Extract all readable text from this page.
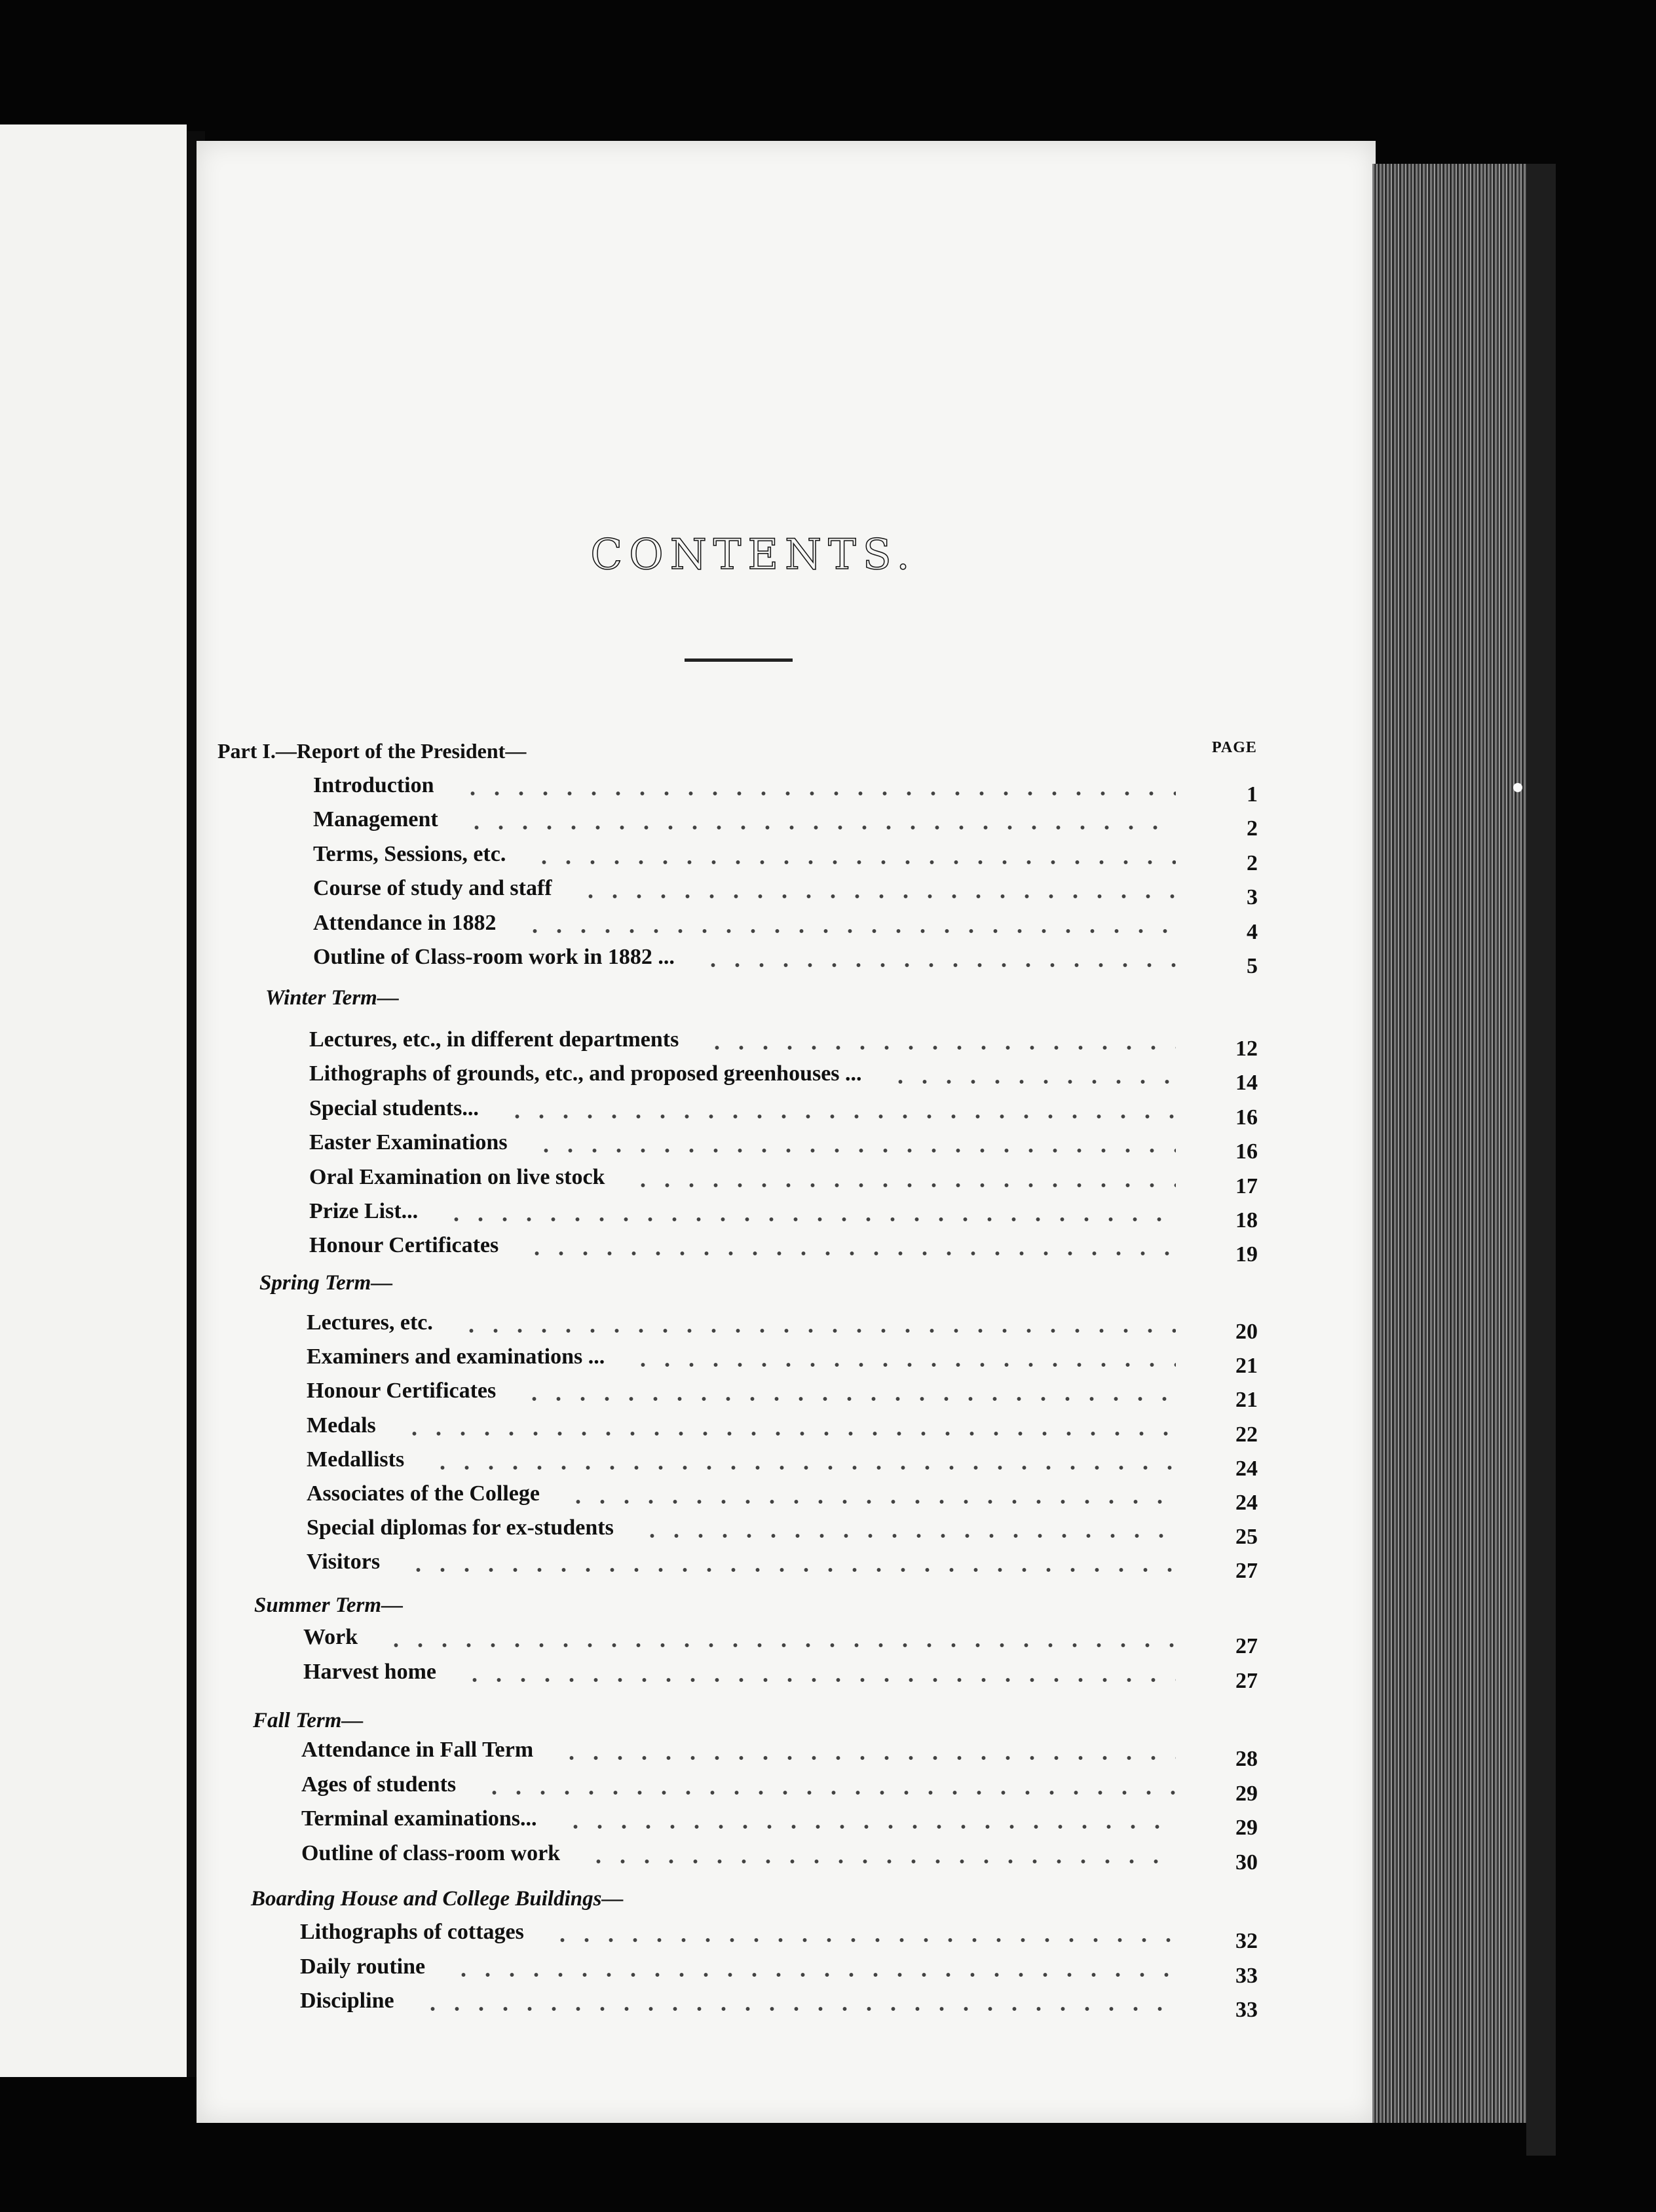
CONTENTS.
Part I.—Report of the President—	PAGE
Introduction	1
Management	2
Terms, Sessions, etc.	2
Course of study and staff	3
Attendance in 1882	4
Outline of Class-room work in 1882 ...	5
Winter Term—
Lectures, etc., in different departments	12
Lithographs of grounds, etc., and proposed greenhouses ...	14
Special students...	16
Easter Examinations	16
Oral Examination on live stock	17
Prize List...	18
Honour Certificates	19
Spring Term—
Lectures, etc.	20
Examiners and examinations ...	21
Honour Certificates	21
Medals	22
Medallists	24
Associates of the College	24
Special diplomas for ex-students	25
Visitors	27
Summer Term—
Work	27
Harvest home	27
Fall Term—
Attendance in Fall Term	28
Ages of students	29
Terminal examinations...	29
Outline of class-room work	30
Boarding House and College Buildings—
Lithographs of cottages	32
Daily routine	33
Discipline	33
